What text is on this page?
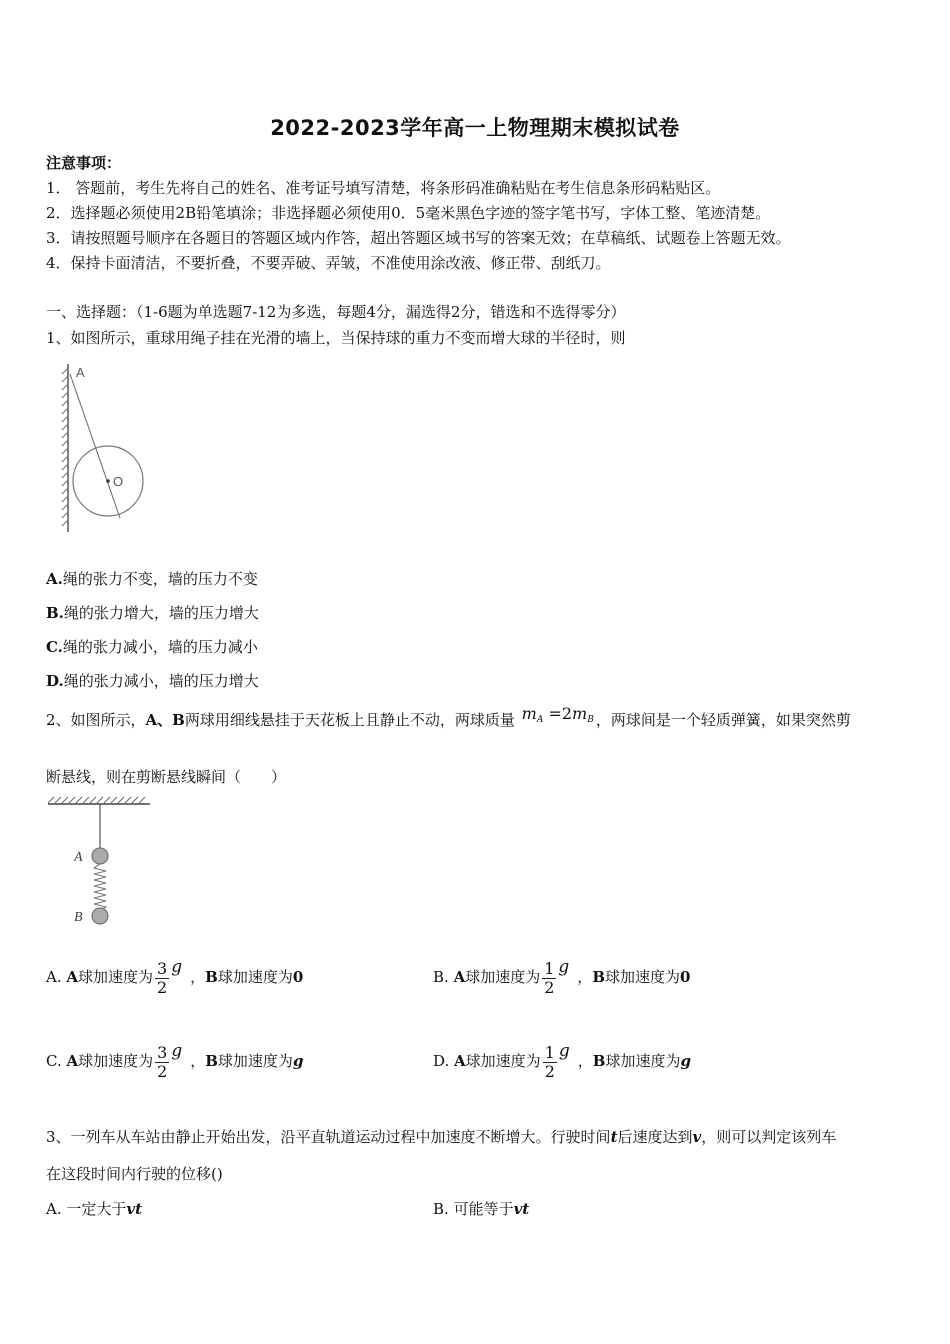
2022-2023学年高一上物理期末模拟试卷
注意事项：
1． 答题前，考生先将自己的姓名、准考证号填写清楚，将条形码准确粘贴在考生信息条形码粘贴区。
2．选择题必须使用2B铅笔填涂；非选择题必须使用0．5毫米黑色字迹的签字笔书写，字体工整、笔迹清楚。
3．请按照题号顺序在各题目的答题区域内作答，超出答题区域书写的答案无效；在草稿纸、试题卷上答题无效。
4．保持卡面清洁，不要折叠，不要弄破、弄皱，不准使用涂改液、修正带、刮纸刀。
一、选择题：（1-6题为单选题7-12为多选，每题4分，漏选得2分，错选和不选得零分）
1、如图所示，重球用绳子挂在光滑的墙上，当保持球的重力不变而增大球的半径时，则
A
O
A.绳的张力不变，墙的压力不变
B.绳的张力增大，墙的压力增大
C.绳的张力减小，墙的压力减小
D.绳的张力减小，墙的压力增大
2、如图所示，A、B两球用细线悬挂于天花板上且静止不动，两球质量 $m_A =2m_B$ ，两球间是一个轻质弹簧，如果突然剪
断悬线，则在剪断悬线瞬间（　　）
A
B
A. A球加速度为 $\frac{3}{2}$ g ，B球加速度为0	B. A球加速度为 $\frac{1}{2}$ g ，B球加速度为0
C. A球加速度为 $\frac{3}{2}$ g ，B球加速度为g	D. A球加速度为 $\frac{1}{2}$ g ，B球加速度为g
3、一列车从车站由静止开始出发，沿平直轨道运动过程中加速度不断增大。行驶时间t后速度达到v，则可以判定该列车
在这段时间内行驶的位移()
A. 一定大于vt	B. 可能等于vt
